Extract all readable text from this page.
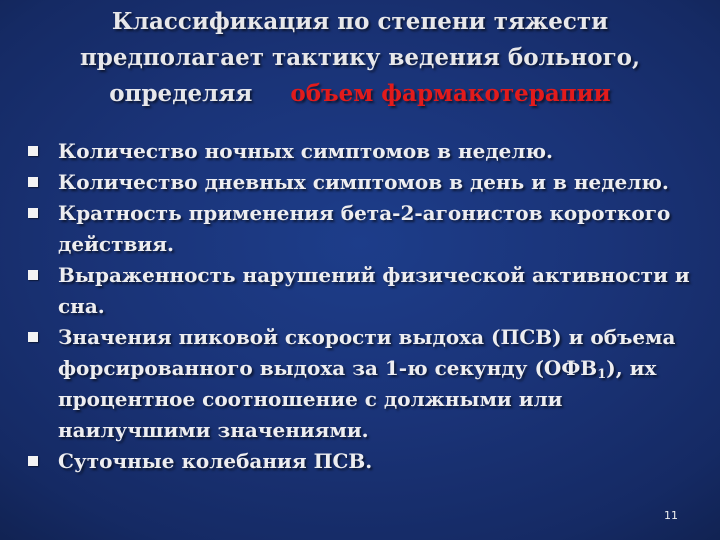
Классификация по степени тяжести
предполагает тактику ведения больного,
определяя объем фармакотерапии
Количество ночных симптомов в неделю.
Количество дневных симптомов в день и в неделю.
Кратность применения бета-2-агонистов короткого действия.
Выраженность нарушений физической активности и сна.
Значения пиковой скорости выдоха (ПСВ) и объема форсированного выдоха за 1-ю секунду $(ОФВ_1)$, их процентное соотношение с должными или наилучшими значениями.
Суточные колебания ПСВ.
11
